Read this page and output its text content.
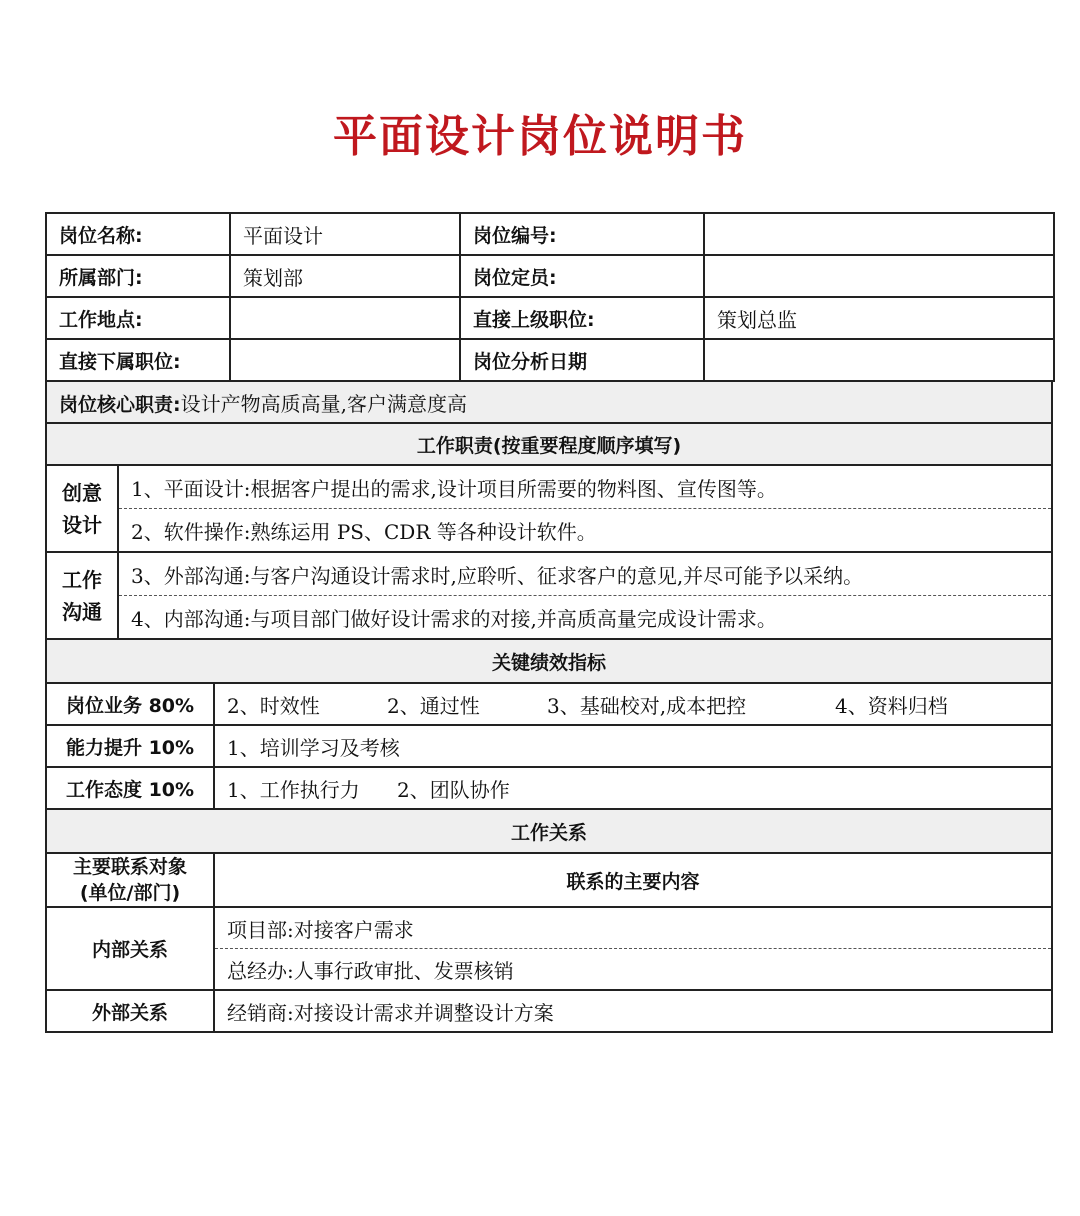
平面设计岗位说明书
岗位名称:	平面设计	岗位编号:	
所属部门:	策划部	岗位定员:	
工作地点:		直接上级职位:	策划总监
直接下属职位:		岗位分析日期	
岗位核心职责:设计产物高质高量,客户满意度高	
工作职责(按重要程度顺序填写)	
创意
设计	1、平面设计:根据客户提出的需求,设计项目所需要的物料图、宣传图等。
	2、软件操作:熟练运用 PS、CDR 等各种设计软件。
工作
沟通	3、外部沟通:与客户沟通设计需求时,应聆听、征求客户的意见,并尽可能予以采纳。
	4、内部沟通:与项目部门做好设计需求的对接,并高质高量完成设计需求。
关键绩效指标	
岗位业务 80%	2、时效性 2、通过性 3、基础校对,成本把控 4、资料归档
能力提升 10%	1、培训学习及考核
工作态度 10%	1、工作执行力 2、团队协作
工作关系	
主要联系对象
(单位/部门)	联系的主要内容
内部关系	项目部:对接客户需求
	总经办:人事行政审批、发票核销
外部关系	经销商:对接设计需求并调整设计方案
